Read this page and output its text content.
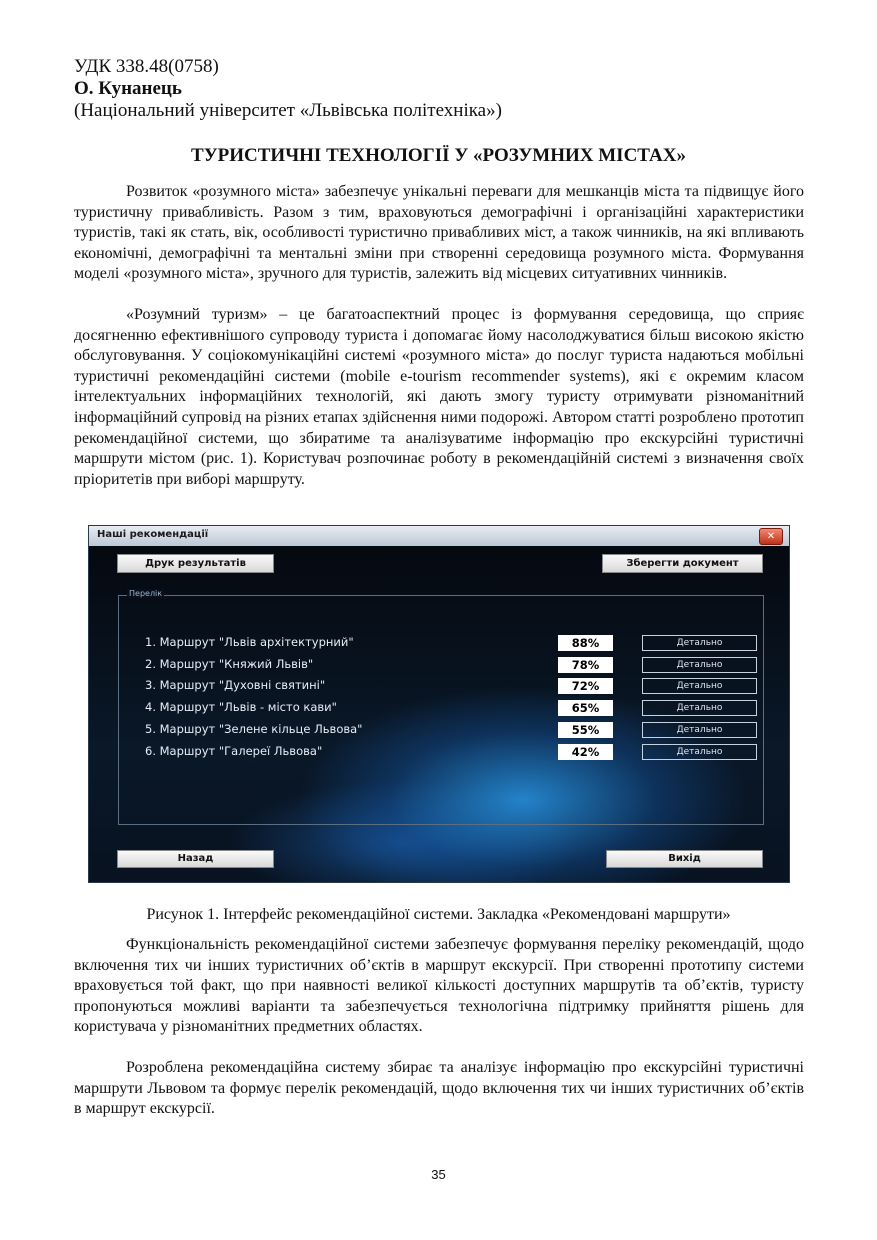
УДК 338.48(0758)
О. Кунанець
(Національний університет «Львівська політехніка»)
ТУРИСТИЧНІ ТЕХНОЛОГІЇ У «РОЗУМНИХ МІСТАХ»

Розвиток «розумного міста» забезпечує унікальні переваги для мешканців міста та підвищує його туристичну привабливість. Разом з тим, враховуються демографічні і організаційні характеристики туристів, такі як стать, вік, особливості туристично привабливих міст, а також чинників, на які впливають економічні, демографічні та ментальні зміни при створенні середовища розумного міста. Формування моделі «розумного міста», зручного для туристів, залежить від місцевих ситуативних чинників.

«Розумний туризм» – це багатоаспектний процес із формування середовища, що сприяє досягненню ефективнішого супроводу туриста і допомагає йому насолоджуватися більш високою якістю обслуговування. У соціокомунікаційні системі «розумного міста» до послуг туриста надаються мобільні туристичні рекомендаційні системи (mobile e-tourism recommender systems), які є окремим класом інтелектуальних інформаційних технологій, які дають змогу туристу отримувати різноманітний інформаційний супровід на різних етапах здійснення ними подорожі. Автором статті розроблено прототип рекомендаційної системи, що збиратиме та аналізуватиме інформацію про екскурсійні туристичні маршрути містом (рис. 1). Користувач розпочинає роботу в рекомендаційній системі з визначення своїх пріоритетів при виборі маршруту.

Наші рекомендації	✕
Друк результатів	Зберегти документ
Перелік
1. Маршрут "Львів архітектурний"	88%	Детально
2. Маршрут "Княжий Львів"	78%	Детально
3. Маршрут "Духовні святині"	72%	Детально
4. Маршрут "Львів - місто кави"	65%	Детально
5. Маршрут "Зелене кільце Львова"	55%	Детально
6. Маршрут "Галереї Львова"	42%	Детально
Назад	Вихід
Рисунок 1. Інтерфейс рекомендаційної системи. Закладка «Рекомендовані маршрути»

Функціональність рекомендаційної системи забезпечує формування переліку рекомендацій, щодо включення тих чи інших туристичних об’єктів в маршрут екскурсії. При створенні прототипу системи враховується той факт, що при наявності великої кількості доступних маршрутів та об’єктів, туристу пропонуються можливі варіанти та забезпечується технологічна підтримку прийняття рішень для користувача у різноманітних предметних областях.

Розроблена рекомендаційна систему збирає та аналізує інформацію про екскурсійні туристичні маршрути Львовом та формує перелік рекомендацій, щодо включення тих чи інших туристичних об’єктів в маршрут екскурсії.

35
